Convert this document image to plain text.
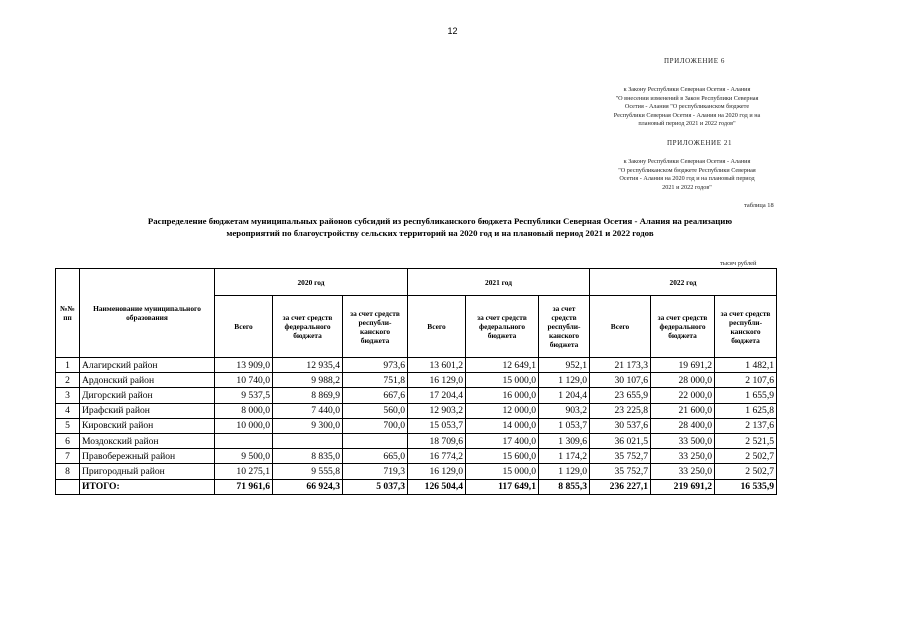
12
ПРИЛОЖЕНИЕ 6
к Закону Республики Северная Осетия - Алания
"О внесении изменений в Закон Республики Северная
Осетия - Алания "О республиканском бюджете
Республики Северная Осетия - Алания на 2020 год и на
плановый период 2021 и 2022 годов"
ПРИЛОЖЕНИЕ 21
к Закону Республики Северная Осетия - Алания
"О республиканском бюджете Республики Северная
Осетия - Алания на 2020 год и на плановый период
2021 и 2022 годов"
таблица 18
Распределение бюджетам муниципальных районов субсидий из республиканского бюджета Республики Северная Осетия - Алания на реализацию
мероприятий по благоустройству сельских территорий на 2020 год и на плановый период 2021 и 2022 годов
тысяч рублей
№№ пп	Наименование муниципального образования	2020 год			2021 год			2022 год		
		Всего	за счет средств федерального бюджета	за счет средств республи-канского бюджета	Всего	за счет средств федерального бюджета	за счет средств республи-канского бюджета	Всего	за счет средств федерального бюджета	за счет средств республи-канского бюджета
1	Алагирский район	13 909,0	12 935,4	973,6	13 601,2	12 649,1	952,1	21 173,3	19 691,2	1 482,1
2	Ардонский район	10 740,0	9 988,2	751,8	16 129,0	15 000,0	1 129,0	30 107,6	28 000,0	2 107,6
3	Дигорский район	9 537,5	8 869,9	667,6	17 204,4	16 000,0	1 204,4	23 655,9	22 000,0	1 655,9
4	Ирафский район	8 000,0	7 440,0	560,0	12 903,2	12 000,0	903,2	23 225,8	21 600,0	1 625,8
5	Кировский район	10 000,0	9 300,0	700,0	15 053,7	14 000,0	1 053,7	30 537,6	28 400,0	2 137,6
6	Моздокский район				18 709,6	17 400,0	1 309,6	36 021,5	33 500,0	2 521,5
7	Правобережный район	9 500,0	8 835,0	665,0	16 774,2	15 600,0	1 174,2	35 752,7	33 250,0	2 502,7
8	Пригородный район	10 275,1	9 555,8	719,3	16 129,0	15 000,0	1 129,0	35 752,7	33 250,0	2 502,7
	ИТОГО:	71 961,6	66 924,3	5 037,3	126 504,4	117 649,1	8 855,3	236 227,1	219 691,2	16 535,9
